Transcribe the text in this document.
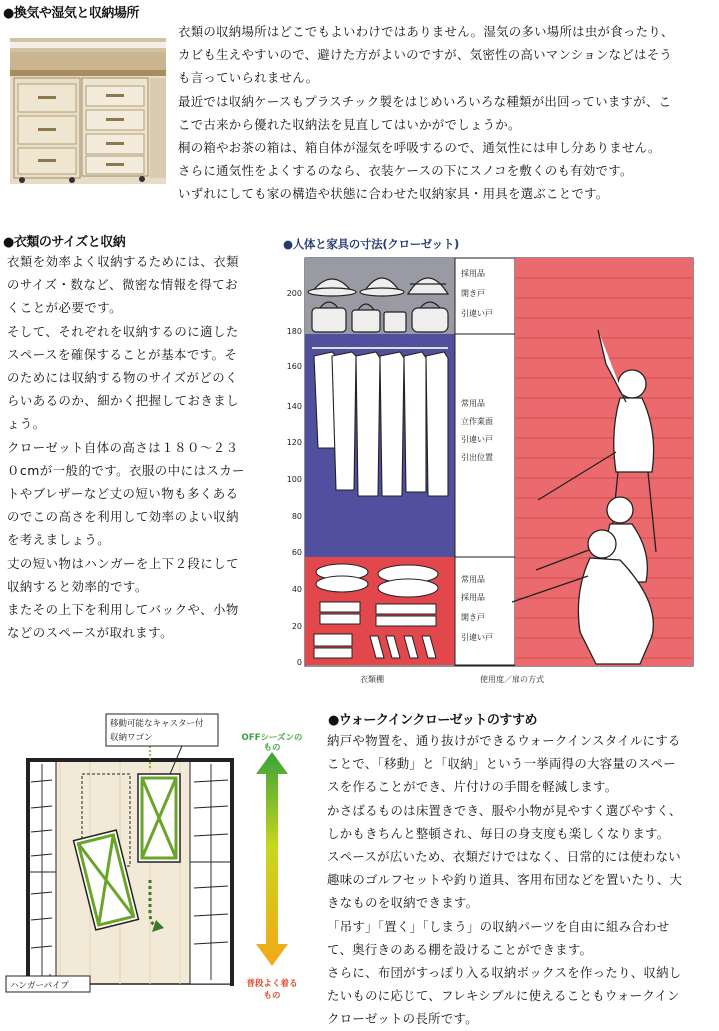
●換気や湿気と収納場所
衣類の収納場所はどこでもよいわけではありません。湿気の多い場所は虫が食ったり、
カビも生えやすいので、避けた方がよいのですが、気密性の高いマンションなどはそう
も言っていられません。
最近では収納ケースもプラスチック製をはじめいろいろな種類が出回っていますが、こ
こで古来から優れた収納法を見直してはいかがでしょうか。
桐の箱やお茶の箱は、箱自体が湿気を呼吸するので、通気性には申し分ありません。
さらに通気性をよくするのなら、衣装ケースの下にスノコを敷くのも有効です。
いずれにしても家の構造や状態に合わせた収納家具・用具を選ぶことです。
●衣類のサイズと収納
衣類を効率よく収納するためには、衣類
のサイズ・数など、微密な情報を得てお
くことが必要です。
そして、それぞれを収納するのに適した
スペースを確保することが基本です。そ
のためには収納する物のサイズがどのく
らいあるのか、細かく把握しておきまし
ょう。
クローゼット自体の高さは１８０～２３
０cmが一般的です。衣服の中にはスカー
トやブレザーなど丈の短い物も多くある
のでこの高さを利用して効率のよい収納
を考えましょう。
丈の短い物はハンガーを上下２段にして
収納すると効率的です。
またその上下を利用してバックや、小物
などのスペースが取れます。
●人体と家具の寸法(クローゼット)
200
180
160
140
120
100
80
60
40
20
0
採用品
開き戸
引違い戸
常用品
立作業面
引違い戸
引出位置
常用品
採用品
開き戸
引違い戸
衣類棚	使用度／扉の方式
移動可能なキャスター付
収納ワゴン	OFFシーズンの
もの
普段よく着る
もの
ハンガーパイプ
●ウォークインクローゼットのすすめ
納戸や物置を、通り抜けができるウォークインスタイルにする
ことで、「移動」と「収納」という一挙両得の大容量のスペー
スを作ることができ、片付けの手間を軽減します。
かさばるものは床置きでき、服や小物が見やすく選びやすく、
しかもきちんと整頓され、毎日の身支度も楽しくなります。
スペースが広いため、衣類だけではなく、日常的には使わない
趣味のゴルフセットや釣り道具、客用布団などを置いたり、大
きなものを収納できます。
「吊す」「置く」「しまう」の収納パーツを自由に組み合わせ
て、奥行きのある棚を設けることができます。
さらに、布団がすっぽり入る収納ボックスを作ったり、収納し
たいものに応じて、フレキシブルに使えることもウォークイン
クローゼットの長所です。
